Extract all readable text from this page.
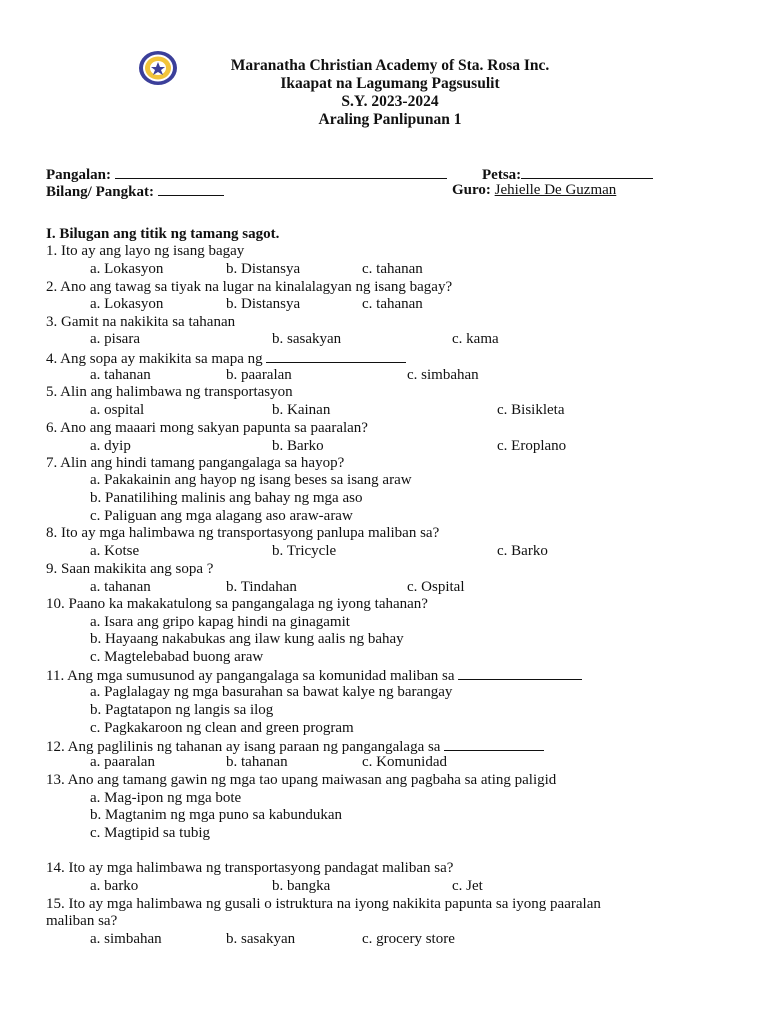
Maranatha Christian Academy of Sta. Rosa Inc.
Ikaapat na Lagumang Pagsusulit
S.Y. 2023-2024
Araling Panlipunan 1
Pangalan:	Petsa:
Bilang/ Pangkat:	Guro: Jehielle De Guzman
I. Bilugan ang titik ng tamang sagot.
1. Ito ay ang layo ng isang bagay
a. Lokasyon	b. Distansya	c. tahanan
2. Ano ang tawag sa tiyak na lugar na kinalalagyan ng isang bagay?
a. Lokasyon	b. Distansya	c. tahanan
3. Gamit na nakikita sa tahanan
a. pisara	b. sasakyan	c. kama
4. Ang sopa ay makikita sa mapa ng
a. tahanan	b. paaralan	c. simbahan
5. Alin ang halimbawa ng transportasyon
a. ospital	b. Kainan	c. Bisikleta
6. Ano ang maaari mong sakyan papunta sa paaralan?
a. dyip	b. Barko	c. Eroplano
7. Alin ang hindi tamang pangangalaga sa hayop?
a. Pakakainin ang hayop ng isang beses sa isang araw
b. Panatilihing malinis ang bahay ng mga aso
c. Paliguan ang mga alagang aso araw-araw
8. Ito ay mga halimbawa ng transportasyong panlupa maliban sa?
a. Kotse	b. Tricycle	c. Barko
9. Saan makikita ang sopa ?
a. tahanan	b. Tindahan	c. Ospital
10. Paano ka makakatulong sa pangangalaga ng iyong tahanan?
a. Isara ang gripo kapag hindi na ginagamit
b. Hayaang nakabukas ang ilaw kung aalis ng bahay
c. Magtelebabad buong araw
11. Ang mga sumusunod ay pangangalaga sa komunidad maliban sa
a. Paglalagay ng mga basurahan sa bawat kalye ng barangay
b. Pagtatapon ng langis sa ilog
c. Pagkakaroon ng clean and green program
12. Ang paglilinis ng tahanan ay isang paraan ng pangangalaga sa
a. paaralan	b. tahanan	c. Komunidad
13. Ano ang tamang gawin ng mga tao upang maiwasan ang pagbaha sa ating paligid
a. Mag-ipon ng mga bote
b. Magtanim ng mga puno sa kabundukan
c. Magtipid sa tubig
14. Ito ay mga halimbawa ng transportasyong pandagat maliban sa?
a. barko	b. bangka	c. Jet
15. Ito ay mga halimbawa ng gusali o istruktura na iyong nakikita papunta sa iyong paaralan
maliban sa?
a. simbahan	b. sasakyan	c. grocery store
